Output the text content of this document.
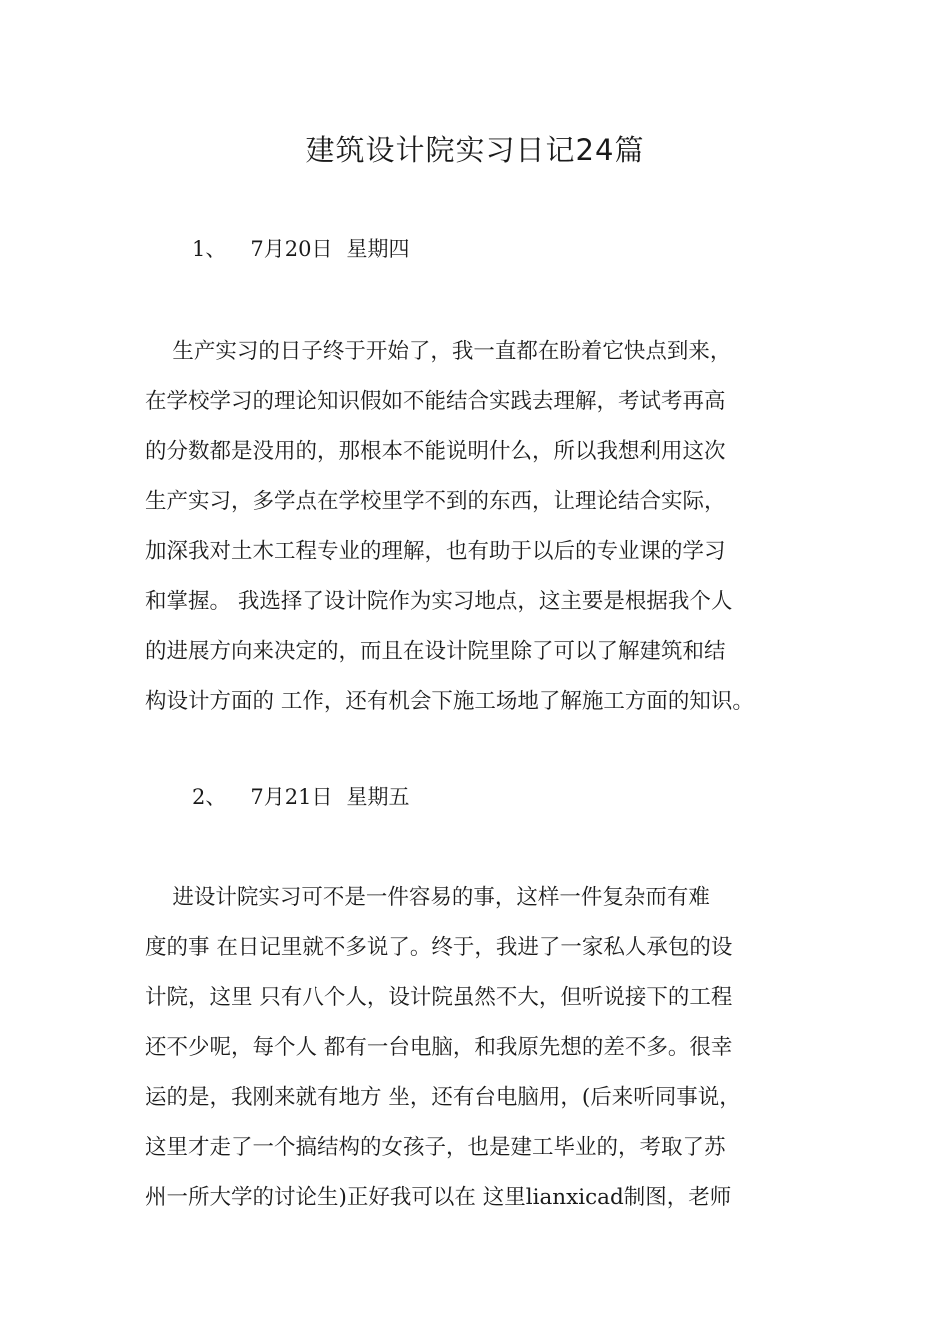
建筑设计院实习日记24篇
1、 7月20日 星期四
生产实习的日子终于开始了，我一直都在盼着它快点到来，
在学校学习的理论知识假如不能结合实践去理解，考试考再高
的分数都是没用的，那根本不能说明什么，所以我想利用这次
生产实习，多学点在学校里学不到的东西，让理论结合实际，
加深我对土木工程专业的理解，也有助于以后的专业课的学习
和掌握。 我选择了设计院作为实习地点，这主要是根据我个人
的进展方向来决定的，而且在设计院里除了可以了解建筑和结
构设计方面的 工作，还有机会下施工场地了解施工方面的知识。
2、 7月21日 星期五
进设计院实习可不是一件容易的事，这样一件复杂而有难
度的事 在日记里就不多说了。终于，我进了一家私人承包的设
计院，这里 只有八个人，设计院虽然不大，但听说接下的工程
还不少呢，每个人 都有一台电脑，和我原先想的差不多。很幸
运的是，我刚来就有地方 坐，还有台电脑用，(后来听同事说，
这里才走了一个搞结构的女孩子，也是建工毕业的，考取了苏
州一所大学的讨论生)正好我可以在 这里lianxicad制图，老师
